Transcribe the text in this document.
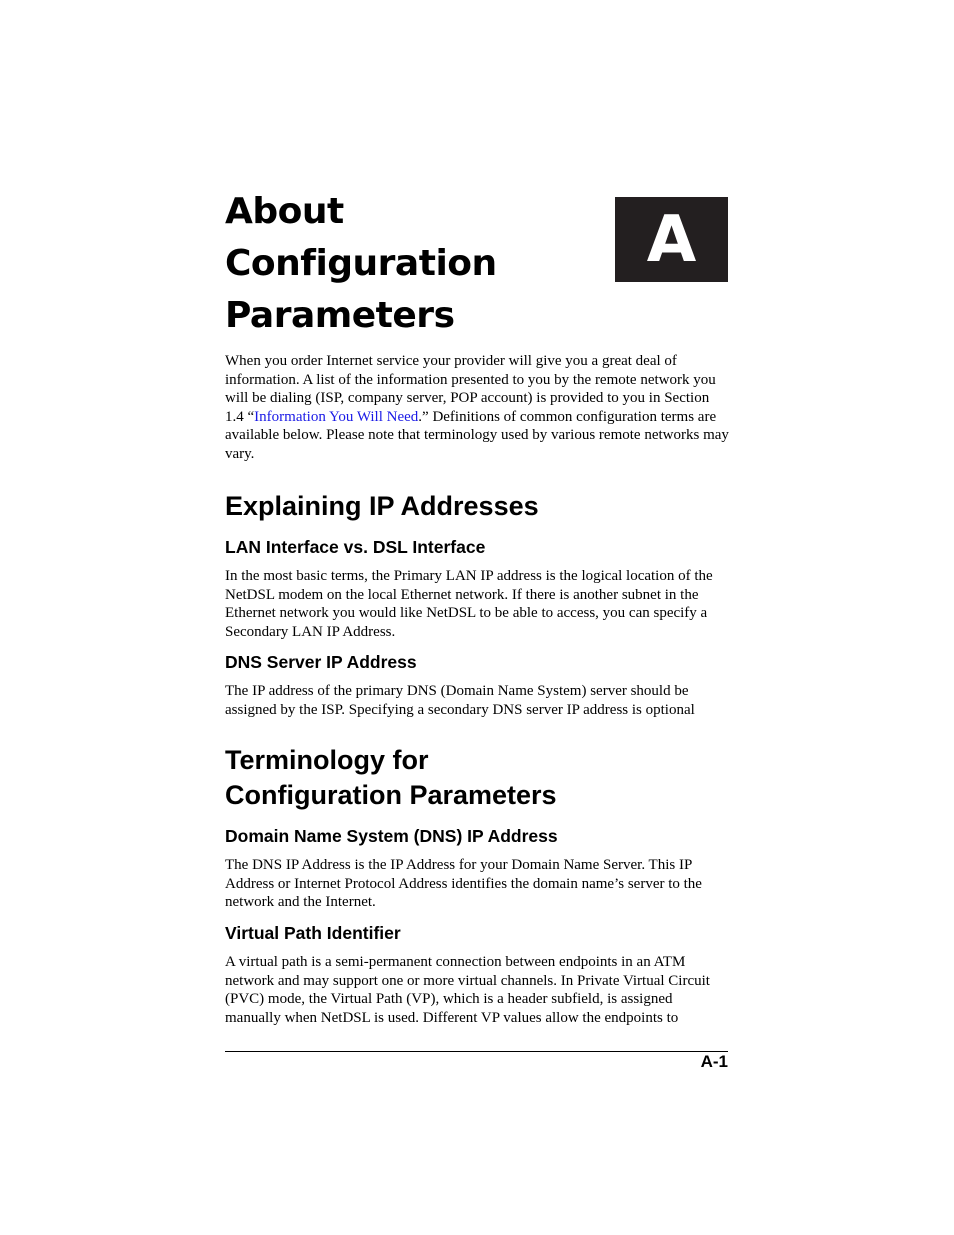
About
Configuration
Parameters
A

When you order Internet service your provider will give you a great deal of information. A list of the information presented to you by the remote network you will be dialing (ISP, company server, POP account) is provided to you in Section 1.4 “Information You Will Need.” Definitions of common configuration terms are available below. Please note that terminology used by various remote networks may vary.

Explaining IP Addresses
LAN Interface vs. DSL Interface

In the most basic terms, the Primary LAN IP address is the logical location of the NetDSL modem on the local Ethernet network. If there is another subnet in the Ethernet network you would like NetDSL to be able to access, you can specify a Secondary LAN IP Address.

DNS Server IP Address

The IP address of the primary DNS (Domain Name System) server should be assigned by the ISP. Specifying a secondary DNS server IP address is optional

Terminology for
Configuration Parameters
Domain Name System (DNS) IP Address

The DNS IP Address is the IP Address for your Domain Name Server. This IP Address or Internet Protocol Address identifies the domain name’s server to the network and the Internet.

Virtual Path Identifier

A virtual path is a semi-permanent connection between endpoints in an ATM network and may support one or more virtual channels. In Private Virtual Circuit (PVC) mode, the Virtual Path (VP), which is a header subfield, is assigned manually when NetDSL is used. Different VP values allow the endpoints to

A-1
